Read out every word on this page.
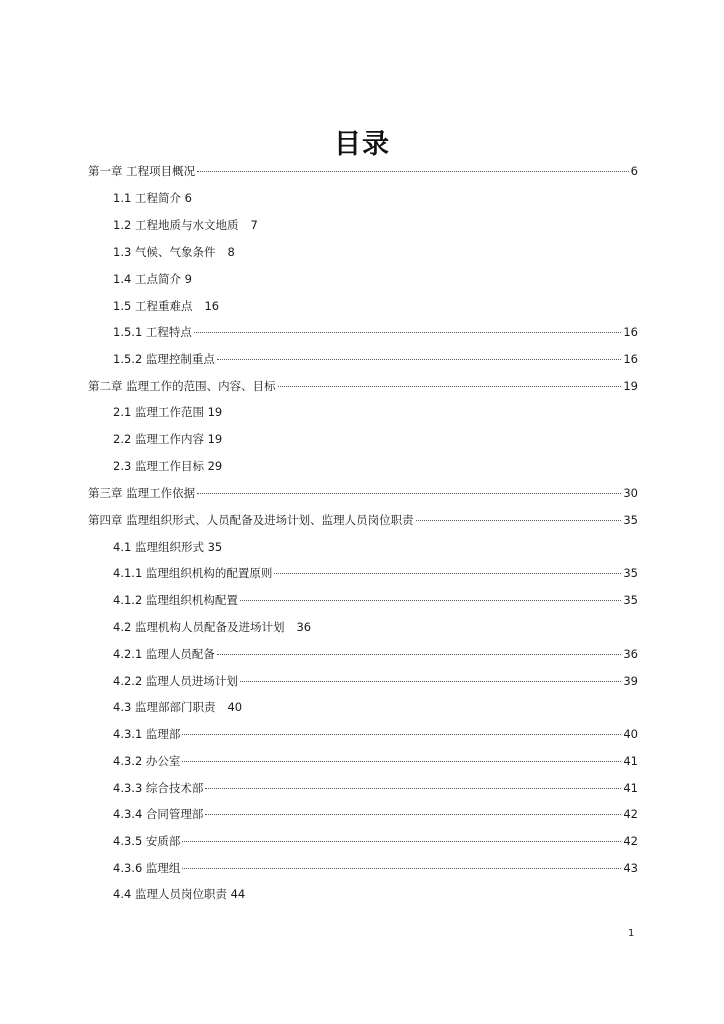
目录
第一章 工程项目概况	6
1.1 工程简介 6
1.2 工程地质与水文地质 7
1.3 气候、气象条件 8
1.4 工点简介 9
1.5 工程重难点 16
1.5.1 工程特点	16
1.5.2 监理控制重点	16
第二章 监理工作的范围、内容、目标	19
2.1 监理工作范围 19
2.2 监理工作内容 19
2.3 监理工作目标 29
第三章 监理工作依据	30
第四章 监理组织形式、人员配备及进场计划、监理人员岗位职责	35
4.1 监理组织形式 35
4.1.1 监理组织机构的配置原则	35
4.1.2 监理组织机构配置	35
4.2 监理机构人员配备及进场计划 36
4.2.1 监理人员配备	36
4.2.2 监理人员进场计划	39
4.3 监理部部门职责 40
4.3.1 监理部	40
4.3.2 办公室	41
4.3.3 综合技术部	41
4.3.4 合同管理部	42
4.3.5 安质部	42
4.3.6 监理组	43
4.4 监理人员岗位职责 44
1
